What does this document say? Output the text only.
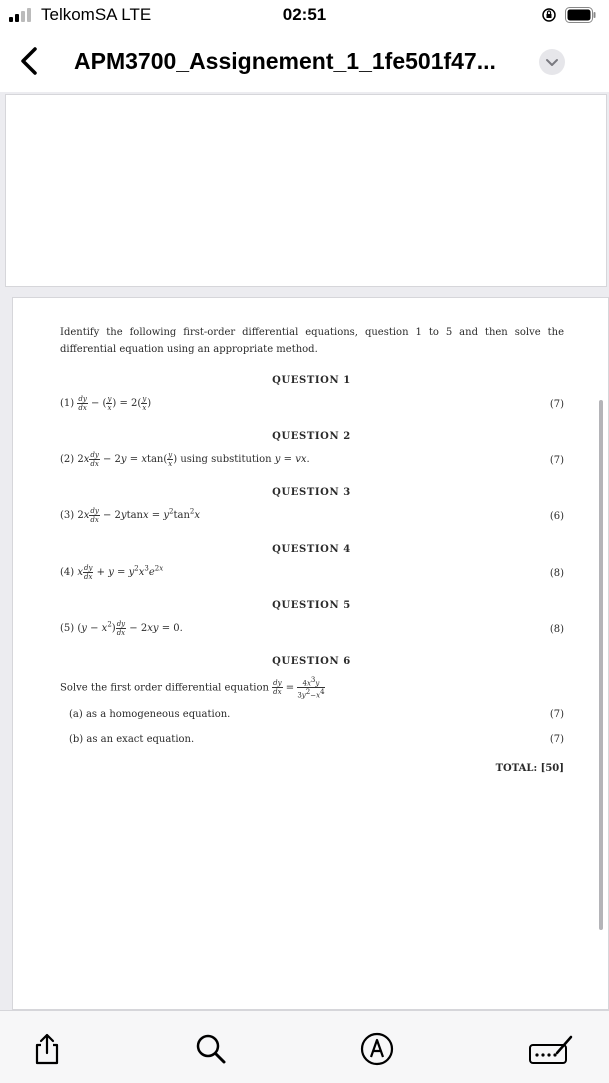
TelkomSA LTE	02:51
APM3700_Assignement_1_1fe501f47...
Identify the following first-order differential equations, question 1 to 5 and then solve the differential equation using an appropriate method.
QUESTION 1
$(1) \frac{dy}{dx}$ − ( $\frac{y}{x}$ ) = $2( \frac{y}{x}$ )	(7)
QUESTION 2
(2) $2x \frac{dy}{dx} - 2y = xtan( \frac{y}{x}$ ) using substitution y = vx.	(7)
QUESTION 3
(3) $2x \frac{dy}{dx} - 2ytanx = y^2\tan^2x$	(6)
QUESTION 4
(4) x $\frac{dy}{dx} + y = y^2x^3e^{2x}$	(8)
QUESTION 5
(5) $(y - x^2) \frac{dy}{dx} - 2xy = 0$.	(8)
QUESTION 6
Solve the first order differential equation $\frac{dy}{dx} = \frac{4x^3y}{3y^2-x^4}$
(a) as a homogeneous equation.	(7)
(b) as an exact equation.	(7)
TOTAL: [50]
